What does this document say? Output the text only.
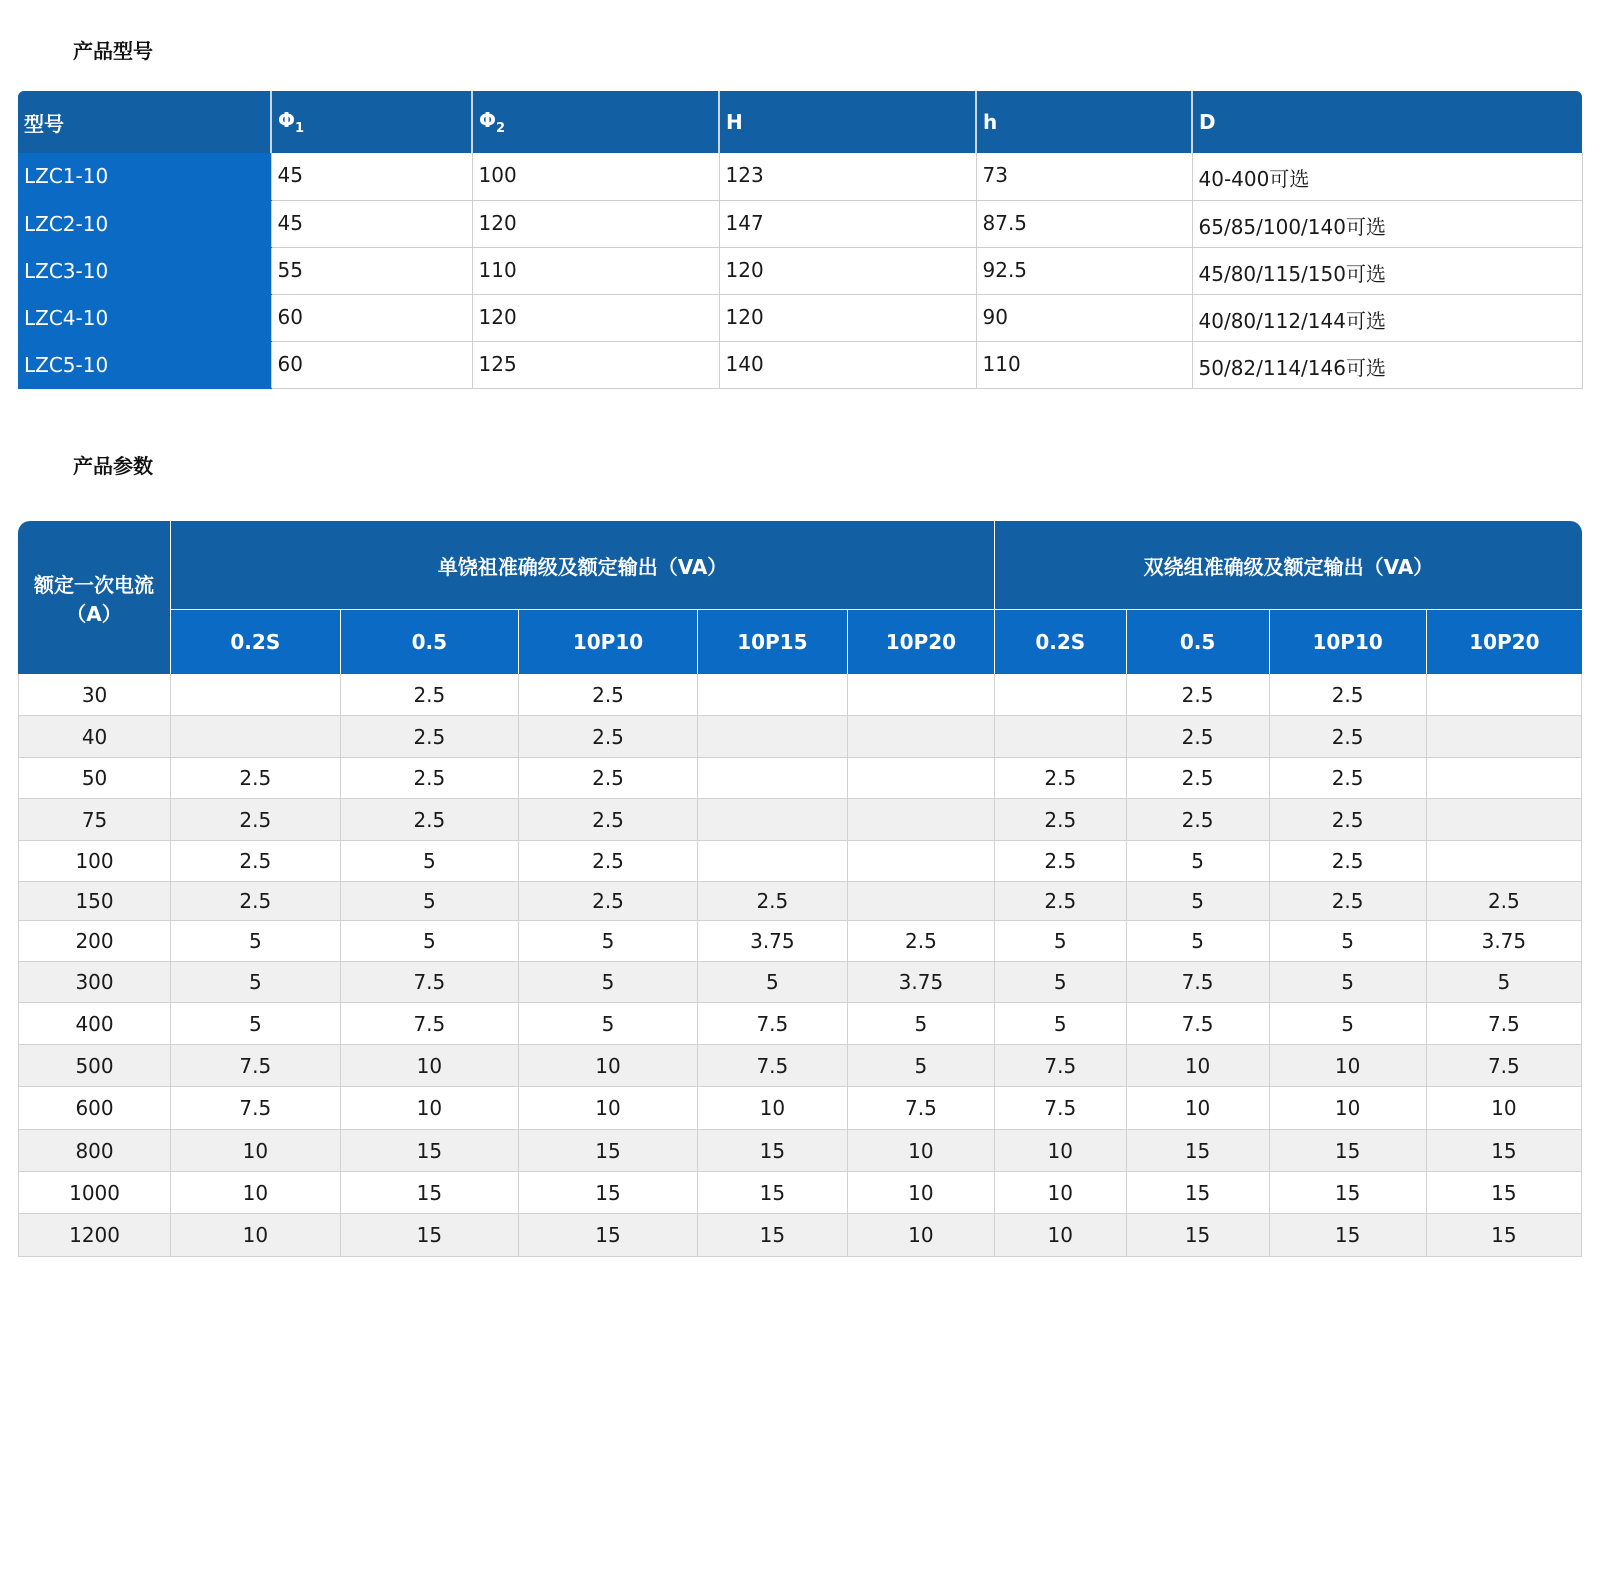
产品型号
型号	$\Phi_1$	$\Phi_2$	H	h	D
LZC1-10	45	100	123	73	40-400可选
LZC2-10	45	120	147	87.5	65/85/100/140可选
LZC3-10	55	110	120	92.5	45/80/115/150可选
LZC4-10	60	120	120	90	40/80/112/144可选
LZC5-10	60	125	140	110	50/82/114/146可选
产品参数
额定一次电流
（A）	单饶祖准确级及额定输出（VA）					双绕组准确级及额定输出（VA）			
	0.2S	0.5	10P10	10P15	10P20	0.2S	0.5	10P10	10P20
30		2.5	2.5				2.5	2.5	
40		2.5	2.5				2.5	2.5	
50	2.5	2.5	2.5			2.5	2.5	2.5	
75	2.5	2.5	2.5			2.5	2.5	2.5	
100	2.5	5	2.5			2.5	5	2.5	
150	2.5	5	2.5	2.5		2.5	5	2.5	2.5
200	5	5	5	3.75	2.5	5	5	5	3.75
300	5	7.5	5	5	3.75	5	7.5	5	5
400	5	7.5	5	7.5	5	5	7.5	5	7.5
500	7.5	10	10	7.5	5	7.5	10	10	7.5
600	7.5	10	10	10	7.5	7.5	10	10	10
800	10	15	15	15	10	10	15	15	15
1000	10	15	15	15	10	10	15	15	15
1200	10	15	15	15	10	10	15	15	15
